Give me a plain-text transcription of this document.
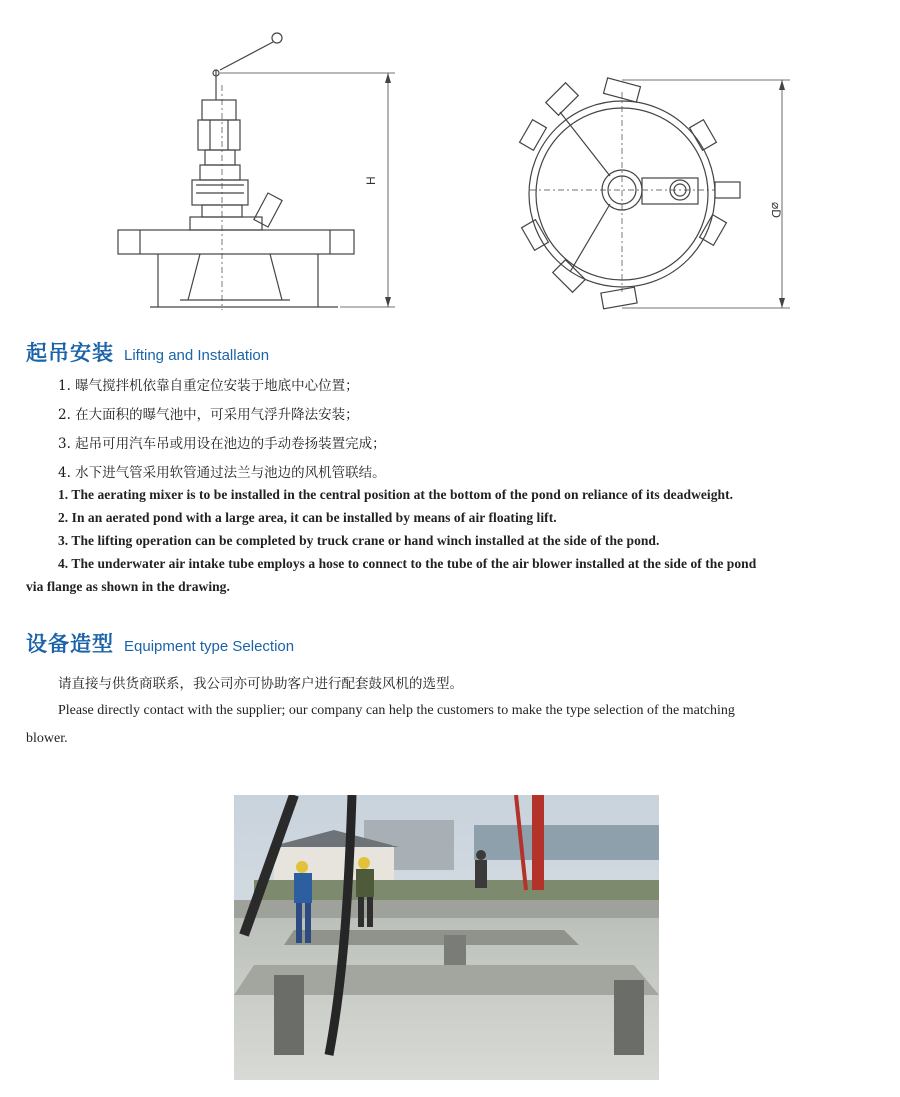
H
⌀D
起吊安装 Lifting and Installation
1. 曝气搅拌机依靠自重定位安装于地底中心位置；
2. 在大面积的曝气池中，可采用气浮升降法安装；
3. 起吊可用汽车吊或用设在池边的手动卷扬装置完成；
4. 水下进气管采用软管通过法兰与池边的风机管联结。
1. The aerating mixer is to be installed in the central position at the bottom of the pond on reliance of its deadweight.
2. In an aerated pond with a large area, it can be installed by means of air floating lift.
3. The lifting operation can be completed by truck crane or hand winch installed at the side of the pond.
4. The underwater air intake tube employs a hose to connect to the tube of the air blower installed at the side of the pond
via flange as shown in the drawing.
设备造型 Equipment type Selection
请直接与供货商联系，我公司亦可协助客户进行配套鼓风机的选型。
Please directly contact with the supplier; our company can help the customers to make the type selection of the matching
blower.
